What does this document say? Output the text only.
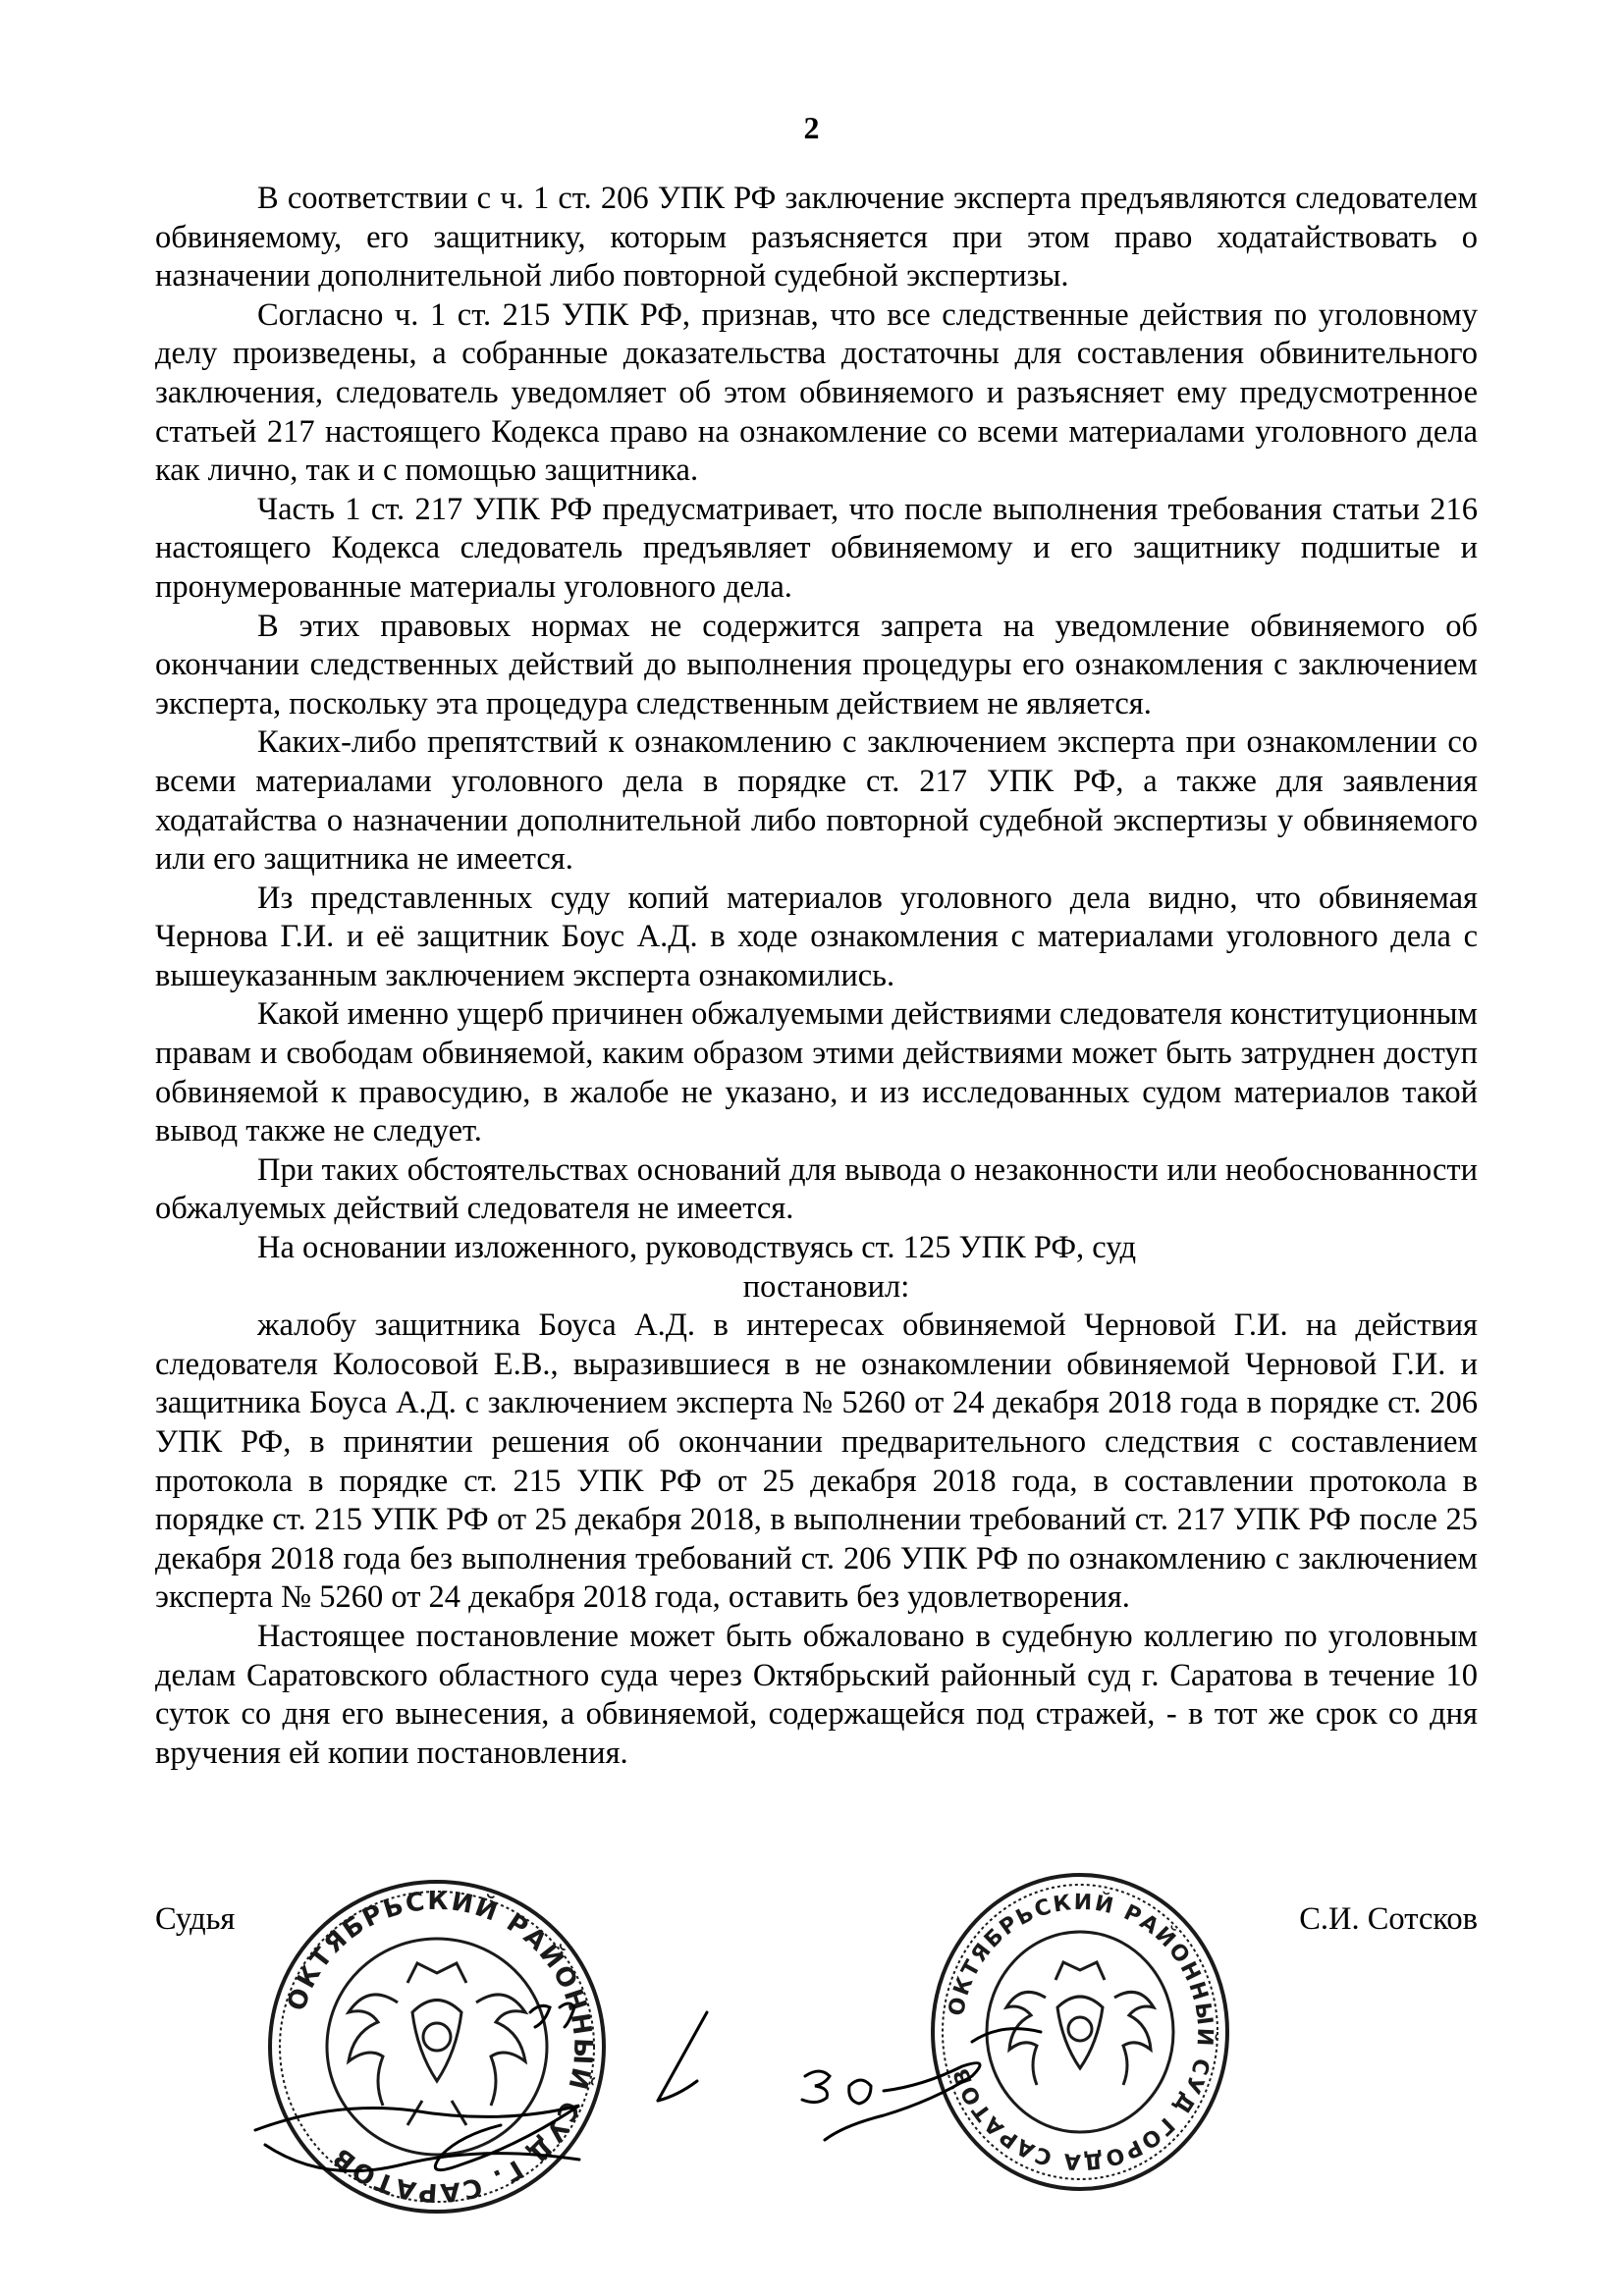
2

В соответствии с ч. 1 ст. 206 УПК РФ заключение эксперта предъявляются следователем обвиняемому, его защитнику, которым разъясняется при этом право ходатайствовать о назначении дополнительной либо повторной судебной экспертизы.

Согласно ч. 1 ст. 215 УПК РФ, признав, что все следственные действия по уголовному делу произведены, а собранные доказательства достаточны для составления обвинительного заключения, следователь уведомляет об этом обвиняемого и разъясняет ему предусмотренное статьей 217 настоящего Кодекса право на ознакомление со всеми материалами уголовного дела как лично, так и с помощью защитника.

Часть 1 ст. 217 УПК РФ предусматривает, что после выполнения требования статьи 216 настоящего Кодекса следователь предъявляет обвиняемому и его защитнику подшитые и пронумерованные материалы уголовного дела.

В этих правовых нормах не содержится запрета на уведомление обвиняемого об окончании следственных действий до выполнения процедуры его ознакомления с заключением эксперта, поскольку эта процедура следственным действием не является.

Каких-либо препятствий к ознакомлению с заключением эксперта при ознакомлении со всеми материалами уголовного дела в порядке ст. 217 УПК РФ, а также для заявления ходатайства о назначении дополнительной либо повторной судебной экспертизы у обвиняемого или его защитника не имеется.

Из представленных суду копий материалов уголовного дела видно, что обвиняемая Чернова Г.И. и её защитник Боус А.Д. в ходе ознакомления с материалами уголовного дела с вышеуказанным заключением эксперта ознакомились.

Какой именно ущерб причинен обжалуемыми действиями следователя конституционным правам и свободам обвиняемой, каким образом этими действиями может быть затруднен доступ обвиняемой к правосудию, в жалобе не указано, и из исследованных судом материалов такой вывод также не следует.

При таких обстоятельствах оснований для вывода о незаконности или необоснованности обжалуемых действий следователя не имеется.

На основании изложенного, руководствуясь ст. 125 УПК РФ, суд

постановил:

жалобу защитника Боуса А.Д. в интересах обвиняемой Черновой Г.И. на действия следователя Колосовой Е.В., выразившиеся в не ознакомлении обвиняемой Черновой Г.И. и защитника Боуса А.Д. с заключением эксперта № 5260 от 24 декабря 2018 года в порядке ст. 206 УПК РФ, в принятии решения об окончании предварительного следствия с составлением протокола в порядке ст. 215 УПК РФ от 25 декабря 2018 года, в составлении протокола в порядке ст. 215 УПК РФ от 25 декабря 2018, в выполнении требований ст. 217 УПК РФ после 25 декабря 2018 года без выполнения требований ст. 206 УПК РФ по ознакомлению с заключением эксперта № 5260 от 24 декабря 2018 года, оставить без удовлетворения.

Настоящее постановление может быть обжаловано в судебную коллегию по уголовным делам Саратовского областного суда через Октябрьский районный суд г. Саратова в течение 10 суток со дня его вынесения, а обвиняемой, содержащейся под стражей, - в тот же срок со дня вручения ей копии постановления.

Судья	С.И. Сотсков
ОКТЯБРЬСКИЙ РАЙОННЫЙ СУД Г. САРАТОВ
ОКТЯБРЬСКИЙ РАЙОННЫЙ СУД ГОРОДА САРАТОВ
